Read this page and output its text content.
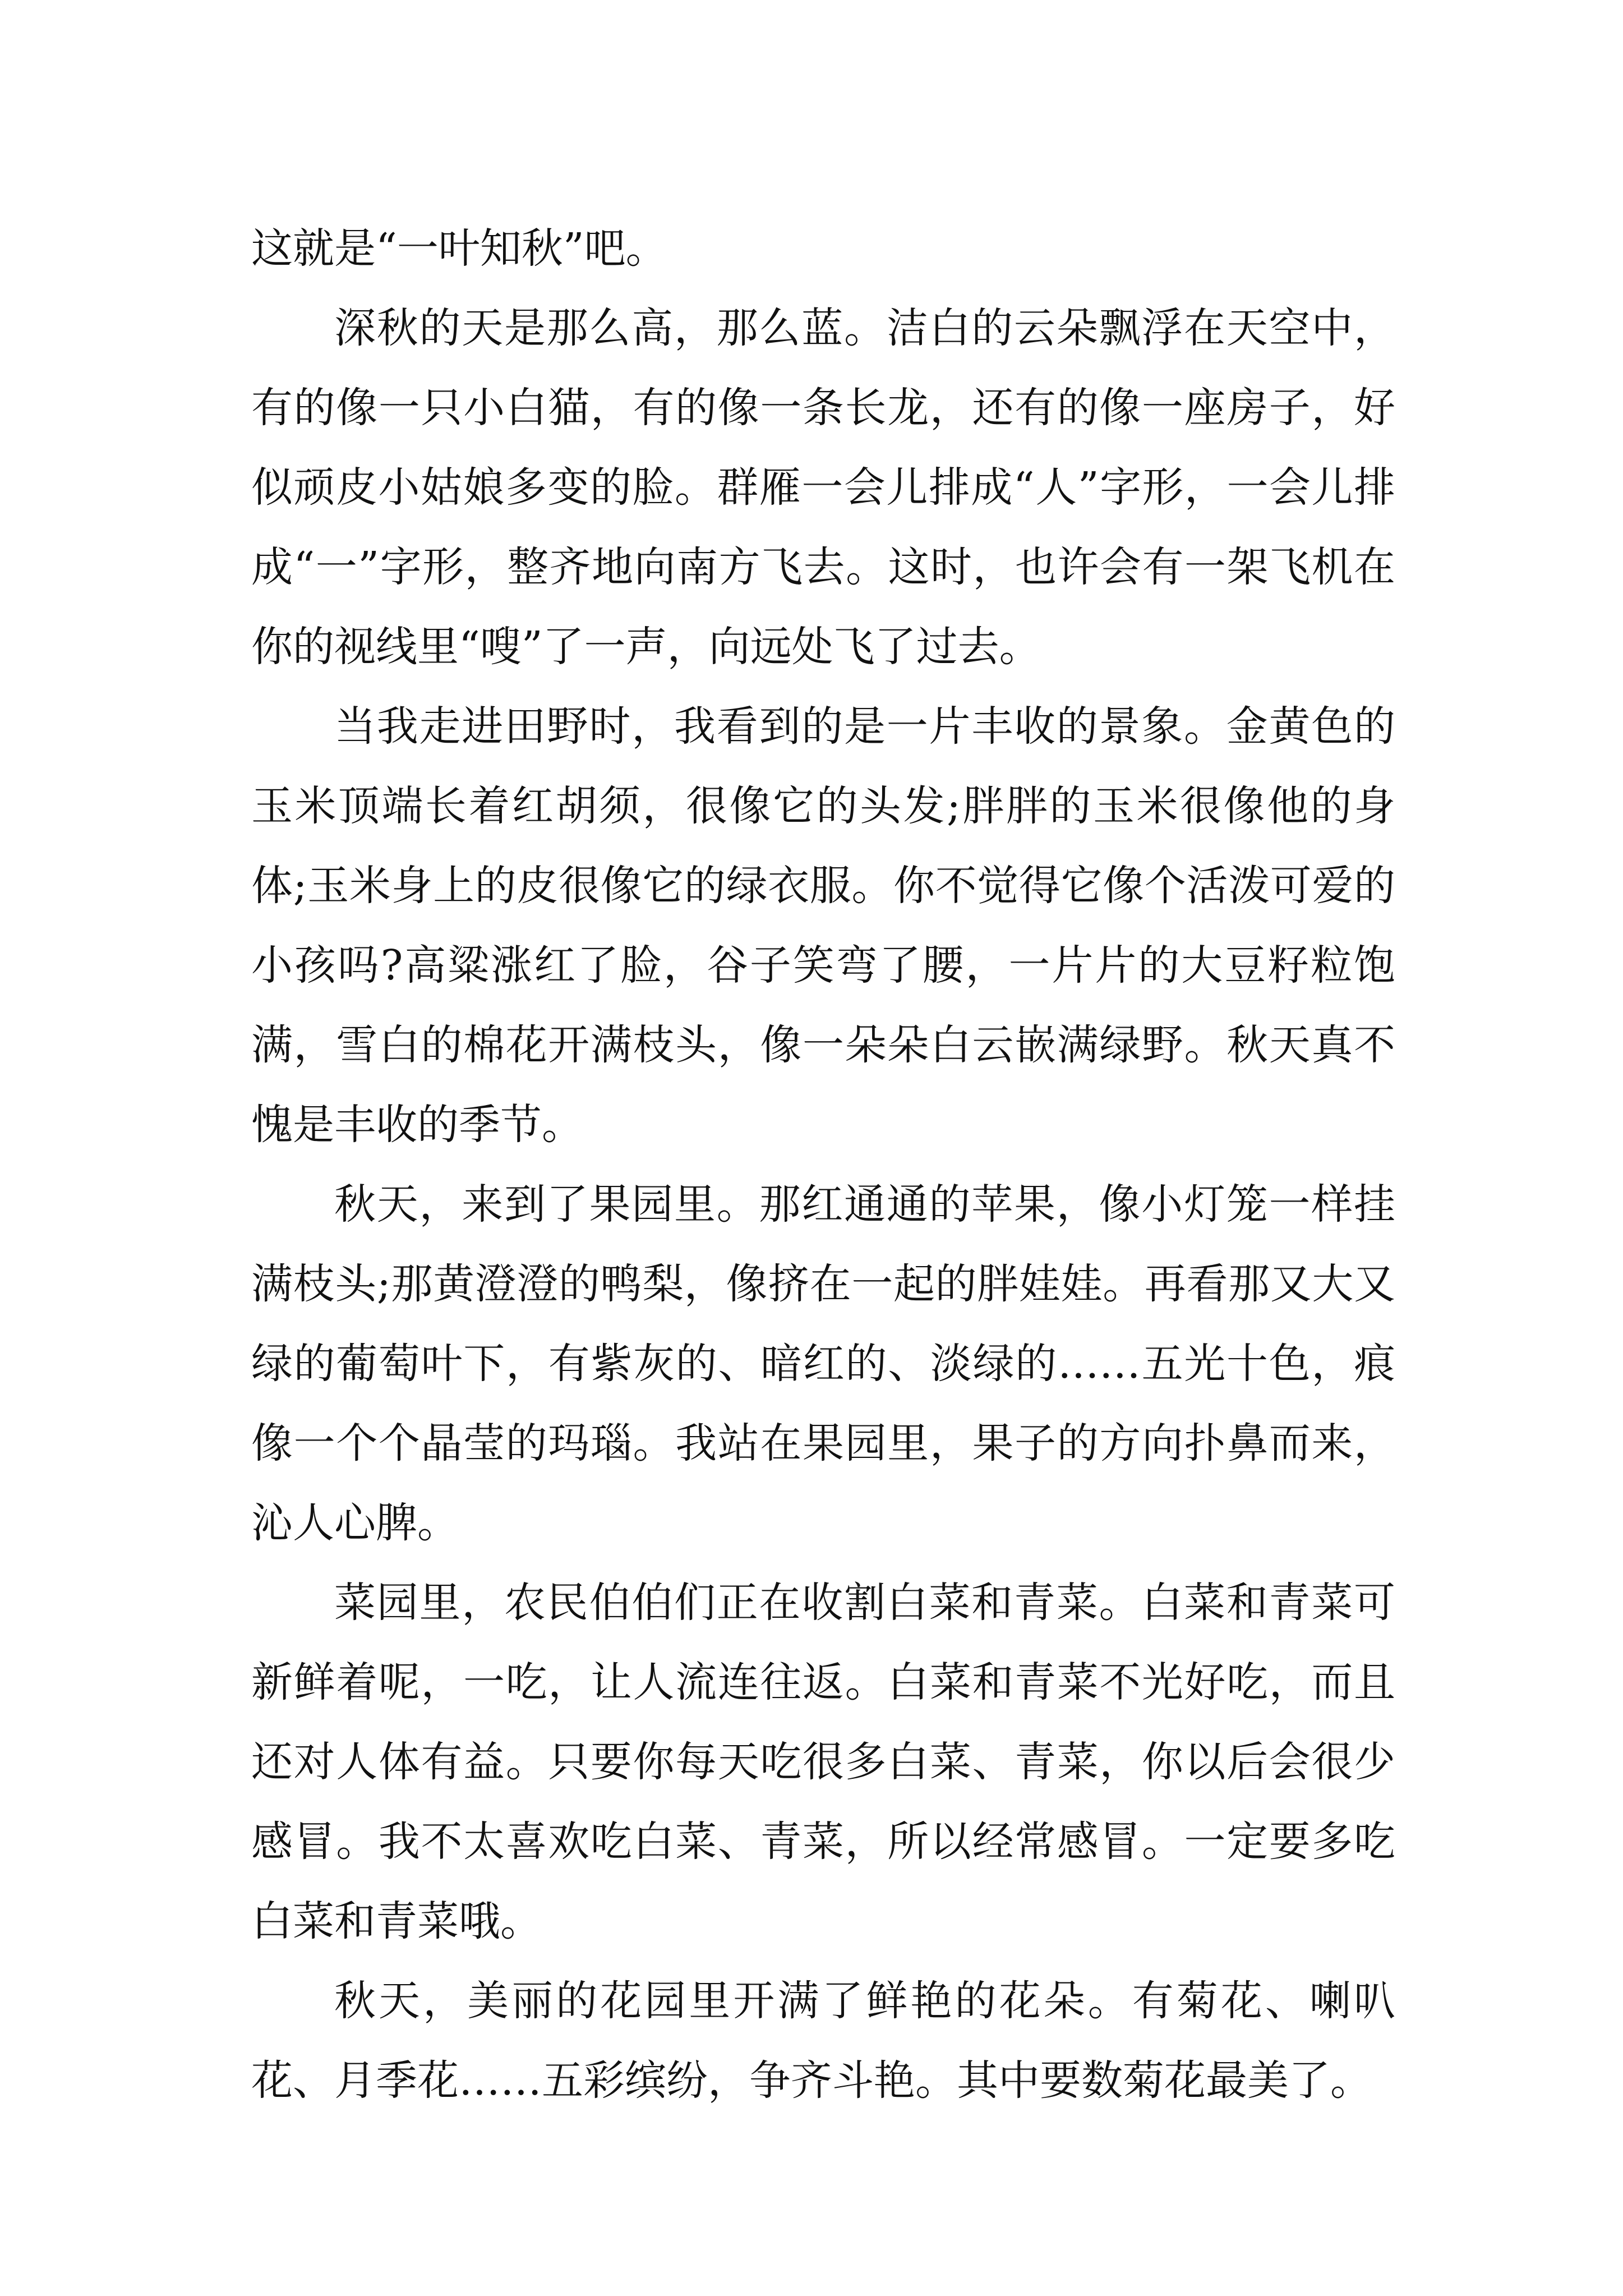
这就是“一叶知秋”吧。

深秋的天是那么高，那么蓝。洁白的云朵飘浮在天空中，有的像一只小白猫，有的像一条长龙，还有的像一座房子，好似顽皮小姑娘多变的脸。群雁一会儿排成“人”字形，一会儿排成“一”字形，整齐地向南方飞去。这时，也许会有一架飞机在你的视线里“嗖”了一声，向远处飞了过去。

当我走进田野时，我看到的是一片丰收的景象。金黄色的玉米顶端长着红胡须，很像它的头发;胖胖的玉米很像他的身体;玉米身上的皮很像它的绿衣服。你不觉得它像个活泼可爱的小孩吗?高粱涨红了脸，谷子笑弯了腰，一片片的大豆籽粒饱满，雪白的棉花开满枝头，像一朵朵白云嵌满绿野。秋天真不愧是丰收的季节。

秋天，来到了果园里。那红通通的苹果，像小灯笼一样挂满枝头;那黄澄澄的鸭梨，像挤在一起的胖娃娃。再看那又大又绿的葡萄叶下，有紫灰的、暗红的、淡绿的……五光十色，痕像一个个晶莹的玛瑙。我站在果园里，果子的方向扑鼻而来，沁人心脾。

菜园里，农民伯伯们正在收割白菜和青菜。白菜和青菜可新鲜着呢，一吃，让人流连往返。白菜和青菜不光好吃，而且还对人体有益。只要你每天吃很多白菜、青菜，你以后会很少感冒。我不太喜欢吃白菜、青菜，所以经常感冒。一定要多吃白菜和青菜哦。

秋天，美丽的花园里开满了鲜艳的花朵。有菊花、喇叭花、月季花……五彩缤纷，争齐斗艳。其中要数菊花最美了。
